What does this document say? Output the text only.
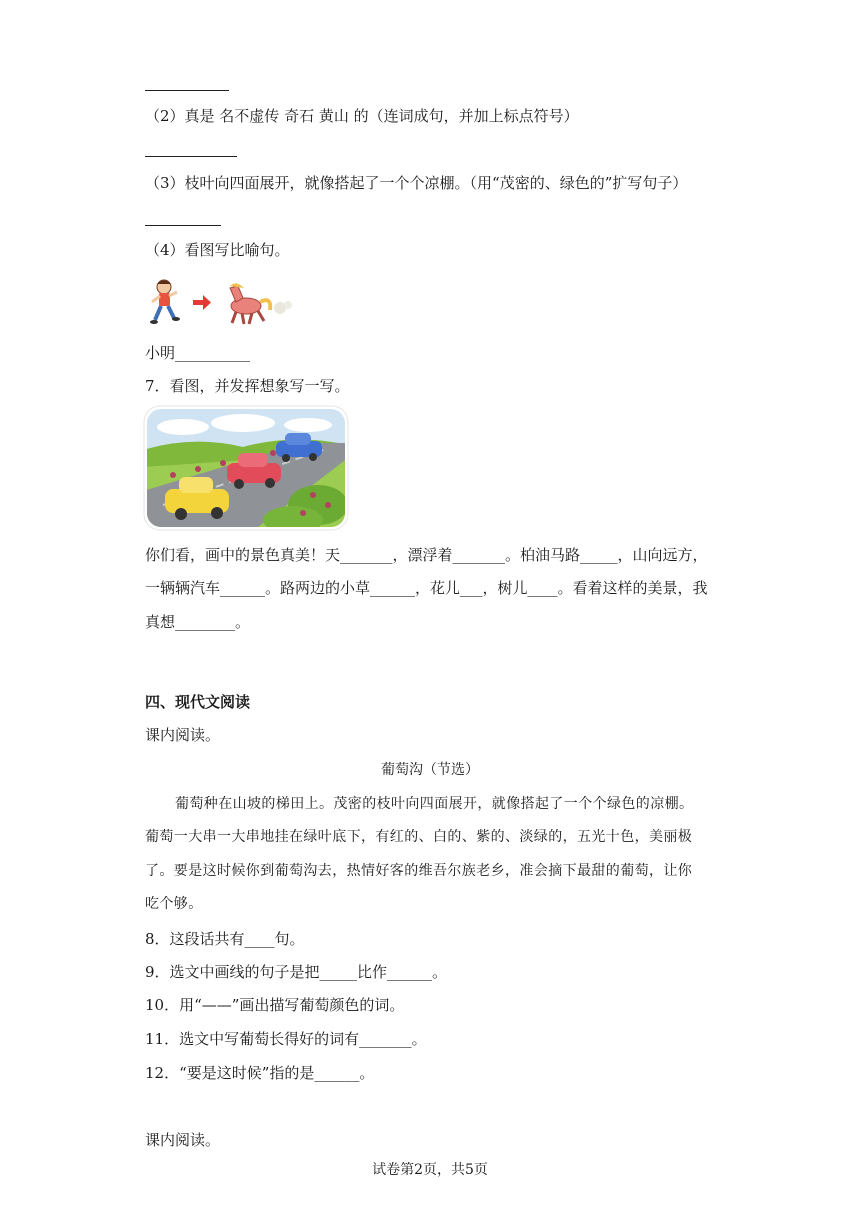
（2）真是 名不虚传 奇石 黄山 的（连词成句，并加上标点符号）
（3）枝叶向四面展开，就像搭起了一个个凉棚。（用“茂密的、绿色的”扩写句子）
（4）看图写比喻句。
小明__________
7．看图，并发挥想象写一写。
你们看，画中的景色真美！天_______，漂浮着_______。柏油马路_____，山向远方，
一辆辆汽车______。路两边的小草______，花儿___，树儿____。看着这样的美景，我
真想________。
四、现代文阅读
课内阅读。
葡萄沟（节选）
葡萄种在山坡的梯田上。茂密的枝叶向四面展开，就像搭起了一个个绿色的凉棚。
葡萄一大串一大串地挂在绿叶底下，有红的、白的、紫的、淡绿的，五光十色，美丽极
了。要是这时候你到葡萄沟去，热情好客的维吾尔族老乡，准会摘下最甜的葡萄，让你
吃个够。
8．这段话共有____句。
9．选文中画线的句子是把_____比作______。
10．用“——”画出描写葡萄颜色的词。
11．选文中写葡萄长得好的词有_______。
12．“要是这时候”指的是______。
课内阅读。
试卷第2页，共5页
